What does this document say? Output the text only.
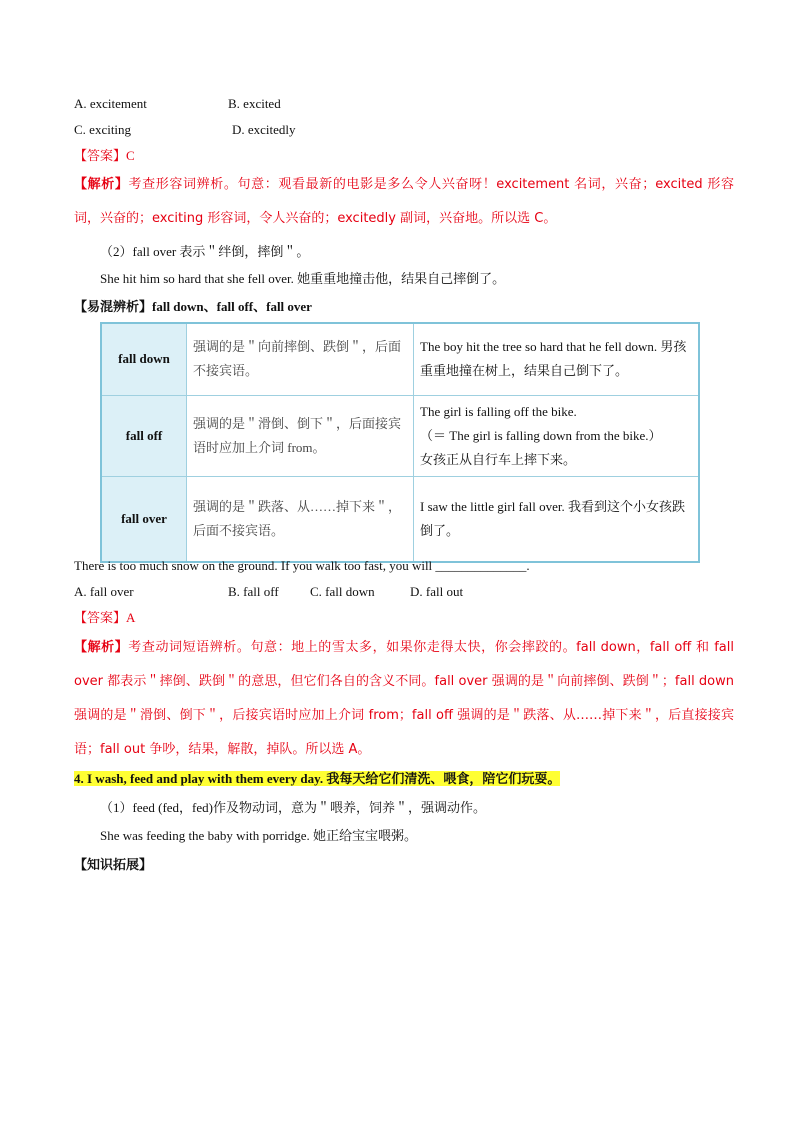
A. excitement	B. excited
C. exciting	D. excitedly
【答案】C
【解析】考查形容词辨析。句意：观看最新的电影是多么令人兴奋呀！excitement 名词，兴奋；excited 形容词，兴奋的；exciting 形容词，令人兴奋的；excitedly 副词，兴奋地。所以选 C。
（2）fall over 表示＂绊倒，摔倒＂。
She hit him so hard that she fell over. 她重重地撞击他，结果自己摔倒了。
【易混辨析】fall down、fall off、fall over
fall down	强调的是＂向前摔倒、跌倒＂，后面不接宾语。	The boy hit the tree so hard that he fell down. 男孩重重地撞在树上，结果自己倒下了。
fall off	强调的是＂滑倒、倒下＂，后面接宾语时应加上介词 from。	The girl is falling off the bike.
（＝ The girl is falling down from the bike.）
女孩正从自行车上摔下来。

fall over	强调的是＂跌落、从……掉下来＂，后面不接宾语。	I saw the little girl fall over. 我看到这个小女孩跌倒了。
There is too much snow on the ground. If you walk too fast, you will ______________.
A. fall over	B. fall off C. fall down	D. fall out
【答案】A
【解析】考查动词短语辨析。句意：地上的雪太多，如果你走得太快，你会摔跤的。fall down，fall off 和 fall over 都表示＂摔倒、跌倒＂的意思，但它们各自的含义不同。fall over 强调的是＂向前摔倒、跌倒＂；fall down 强调的是＂滑倒、倒下＂，后接宾语时应加上介词 from；fall off 强调的是＂跌落、从……掉下来＂，后直接接宾语；fall out 争吵，结果，解散，掉队。所以选 A。
4. I wash, feed and play with them every day. 我每天给它们清洗、喂食，陪它们玩耍。
（1）feed (fed，fed)作及物动词，意为＂喂养，饲养＂，强调动作。
She was feeding the baby with porridge. 她正给宝宝喂粥。
【知识拓展】
